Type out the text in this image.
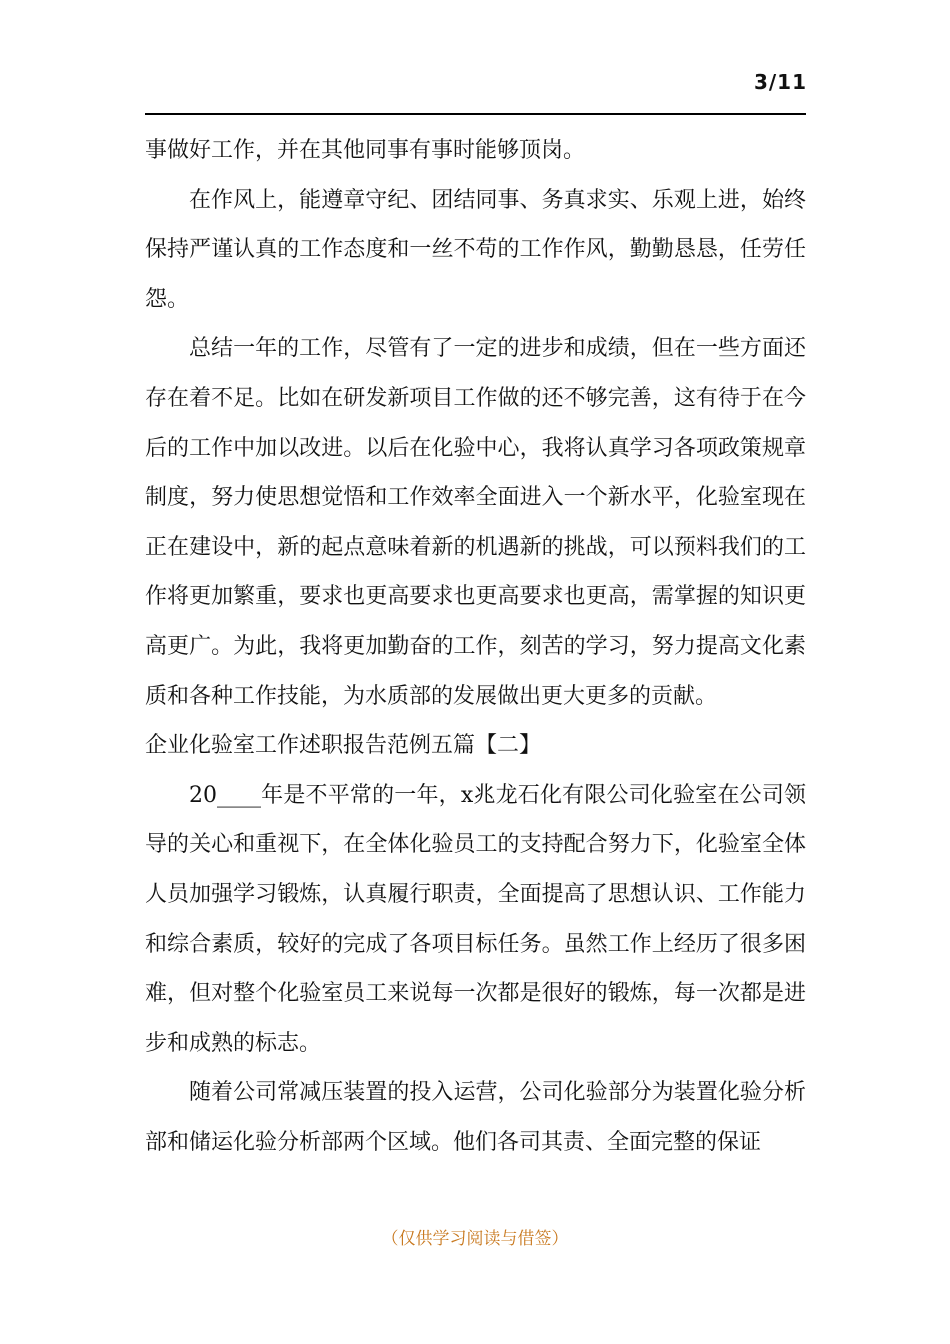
3/11

事做好工作，并在其他同事有事时能够顶岗。

在作风上，能遵章守纪、团结同事、务真求实、乐观上进，始终保持严谨认真的工作态度和一丝不苟的工作作风，勤勤恳恳，任劳任怨。

总结一年的工作，尽管有了一定的进步和成绩，但在一些方面还存在着不足。比如在研发新项目工作做的还不够完善，这有待于在今后的工作中加以改进。以后在化验中心，我将认真学习各项政策规章制度，努力使思想觉悟和工作效率全面进入一个新水平，化验室现在正在建设中，新的起点意味着新的机遇新的挑战，可以预料我们的工作将更加繁重，要求也更高要求也更高要求也更高，需掌握的知识更高更广。为此，我将更加勤奋的工作，刻苦的学习，努力提高文化素质和各种工作技能，为水质部的发展做出更大更多的贡献。

企业化验室工作述职报告范例五篇【二】

20____年是不平常的一年，x兆龙石化有限公司化验室在公司领导的关心和重视下，在全体化验员工的支持配合努力下，化验室全体人员加强学习锻炼，认真履行职责，全面提高了思想认识、工作能力和综合素质，较好的完成了各项目标任务。虽然工作上经历了很多困难，但对整个化验室员工来说每一次都是很好的锻炼，每一次都是进步和成熟的标志。

随着公司常减压装置的投入运营，公司化验部分为装置化验分析部和储运化验分析部两个区域。他们各司其责、全面完整的保证

（仅供学习阅读与借签）
